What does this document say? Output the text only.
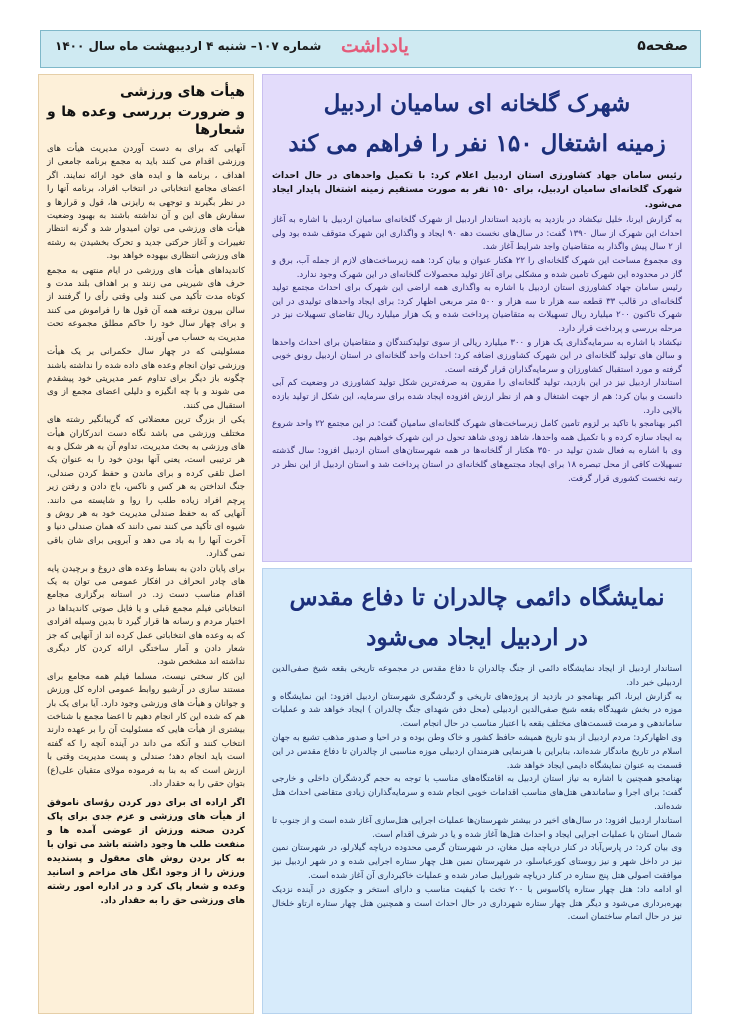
شماره ۱۰۷– شنبه ۴ اردیبهشت ماه سال ۱۴۰۰ یادداشت	صفحه۵
هیأت های ورزشی
و ضرورت بررسی وعده ها و شعارها

آنهایی که برای به دست آوردن مدیریت هیأت های ورزشی اقدام می کنند باید به مجمع برنامه جامعی از اهداف ، برنامه ها و ایده های خود ارائه نمایند. اگر اعضای مجامع انتخاباتی در انتخاب افراد، برنامه آنها را در نظر بگیرند و توجهی به رایزنی ها، قول و قرارها و سفارش های این و آن نداشته باشند به بهبود وضعیت هیأت های ورزشی می توان امیدوار شد و گرنه انتظار تغییرات و آغاز حرکتی جدید و تحرک بخشیدن به رشته های ورزشی انتظاری بیهوده خواهد بود.

کاندیداهای هیأت های ورزشی در ایام منتهی به مجمع حرف های شیرینی می زنند و بر اهداف بلند مدت و کوتاه مدت تأکید می کنند ولی وقتی رأی را گرفتند از سالن بیرون نرفته همه آن قول ها را فراموش می کنند و برای چهار سال خود را حاکم مطلق مجموعه تحت مدیریت به حساب می آورند.

مسئولینی که در چهار سال حکمرانی بر یک هیأت ورزشی توان انجام وعده های داده شده را نداشته باشند چگونه باز دیگر برای تداوم عمر مدیریتی خود پیشقدم می شوند و با چه انگیزه و دلیلی اعضای مجمع از وی استقبال می کنند.

یکی از بزرگ ترین معضلاتی که گریبانگیر رشته های مختلف ورزشی می باشد نگاه دست اندرکاران هیأت های ورزشی به بحث مدیریت، تداوم آن به هر شکل و به هر ترتیبی است، یعنی آنها بودن خود را به عنوان یک اصل تلقی کرده و برای ماندن و حفظ کردن صندلی، جنگ انداختن به هر کس و ناکس، باج دادن و رفتن زیر پرچم افراد زیاده طلب را روا و شایسته می دانند. آنهایی که به حفظ صندلی مدیریت خود به هر روش و شیوه ای تأکید می کنند نمی دانند که همان صندلی دنیا و آخرت آنها را به باد می دهد و آبرویی برای شان باقی نمی گذارد.

برای پایان دادن به بساط وعده های دروغ و برچیدن پایه های چادر انحراف در افکار عمومی می توان به یک اقدام مناسب دست زد. در استانه برگزاری مجامع انتخاباتی فیلم مجمع قبلی و یا فایل صوتی کاندیداها در اختیار مردم و رسانه ها قرار گیرد تا بدین وسیله افرادی که به وعده های انتخاباتی عمل کرده اند از آنهایی که جز شعار دادن و آمار ساختگی ارائه کردن کار دیگری نداشته اند مشخص شود.

این کار سختی نیست، مسلما فیلم همه مجامع برای مستند سازی در آرشیو روابط عمومی اداره کل ورزش و جوانان و هیأت های ورزشی وجود دارد. آیا برای یک بار هم که شده این کار انجام دهیم تا اعضا مجمع با شناخت بیشتری از هیأت هایی که مسئولیت آن را بر عهده دارند انتخاب کنند و آنکه می داند در آینده آنچه را که گفته است باید انجام دهد؛ صندلی و پست مدیریت وقتی با ارزش است که به بنا به فرموده مولای متقیان علی(ع) بتوان حقی را به حقدار داد.

اگر اراده ای برای دور کردن رؤسای ناموفق از هیأت های ورزشی و عزم جدی برای پاک کردن صحنه ورزش از عوضی آمده ها و منفعت طلب ها وجود داشته باشد می توان با به کار بردن روش های معقول و پسندیده ورزش را از وجود انگل های مزاحم و اسانید وعده و شعار پاک کرد و در اداره امور رشته های ورزشی حق را به حقدار داد.

شهرک گلخانه ای سامیان اردبیل
زمینه اشتغال ۱۵۰ نفر را فراهم می کند

رئیس سامان جهاد کشاورزی استان اردبیل اعلام کرد: با تکمیل واحدهای در حال احداث شهرک گلخانه‌ای سامیان اردبیل، برای ۱۵۰ نفر به صورت مستقیم زمینه اشتغال پایدار ایجاد می‌شود.

به گزارش ایرنا، خلیل نیکشاد در بازدید به بازدید استاندار اردبیل از شهرک گلخانه‌ای سامیان اردبیل با اشاره به آغاز احداث این شهرک از سال ۱۳۹۰ گفت: در سال‌های نخست دهه ۹۰ ایجاد و واگذاری این شهرک متوقف شده بود ولی از ۲ سال پیش واگذار به متقاضیان واجد شرایط آغاز شد.

وی مجموع مساحت این شهرک گلخانه‌ای را ۲۲ هکتار عنوان و بیان کرد: همه زیرساخت‌های لازم از جمله آب، برق و گاز در محدوده این شهرک تامین شده و مشکلی برای آغاز تولید محصولات گلخانه‌ای در این شهرک وجود ندارد.

رئیس سامان جهاد کشاورزی استان اردبیل با اشاره به واگذاری همه اراضی این شهرک برای احداث مجتمع تولید گلخانه‌ای در قالب ۳۳ قطعه سه هزار تا سه هزار و ۵۰۰ متر مربعی اظهار کرد: برای ایجاد واحدهای تولیدی در این شهرک تاکنون ۲۰۰ میلیارد ریال تسهیلات به متقاضیان پرداخت شده و یک هزار میلیارد ریال تقاضای تسهیلات نیز در مرحله بررسی و پرداخت قرار دارد.

نیکشاد با اشاره به سرمایه‌گذاری یک هزار و ۳۰۰ میلیارد ریالی از سوی تولیدکنندگان و متقاضیان برای احداث واحدها و سالن های تولید گلخانه‌ای در این شهرک کشاورزی اضافه کرد: احداث واحد گلخانه‌ای در استان اردبیل رونق خوبی گرفته و مورد استقبال کشاورزان و سرمایه‌گذاران قرار گرفته است.

استاندار اردبیل نیز در این بازدید، تولید گلخانه‌ای را مقرون به صرفه‌ترین شکل تولید کشاورزی در وضعیت کم آبی دانست و بیان کرد: هم از جهت اشتغال و هم از نظر ارزش افزوده ایجاد شده برای سرمایه، این شکل از تولید بازده بالایی دارد.

اکبر بهنامجو با تاکید بر لزوم تامین کامل زیرساخت‌های شهرک گلخانه‌ای سامیان گفت: در این مجتمع ۲۲ واحد شروع به ایجاد سازه کرده و با تکمیل همه واحدها، شاهد زودی شاهد تحول در این شهرک خواهیم بود.

وی با اشاره به فعال شدن تولید در ۳۵۰ هکتار از گلخانه‌ها در همه شهرستان‌های استان اردبیل افزود: سال گذشته تسهیلات کافی از محل تبصره ۱۸ برای ایجاد مجتمع‌های گلخانه‌ای در استان پرداخت شد و استان اردبیل از این نظر در رتبه نخست کشوری قرار گرفت.

نمایشگاه دائمی چالدران تا دفاع مقدس
در اردبیل ایجاد می‌شود

استاندار اردبیل از ایجاد نمایشگاه دائمی از جنگ چالدران تا دفاع مقدس در مجموعه تاریخی بقعه شیخ صفی‌الدین اردبیلی خبر داد.

به گزارش ایرنا، اکبر بهنامجو در بازدید از پروژه‌های تاریخی و گردشگری شهرستان اردبیل افزود: این نمایشگاه و موزه در بخش شهیدگاه بقعه شیخ صفی‌الدین اردبیلی (محل دفن شهدای جنگ چالدران ) ایجاد خواهد شد و عملیات ساماندهی و مرمت قسمت‌های مختلف بقعه با اعتبار مناسب در حال انجام است.

وی اظهارکرد: مردم اردبیل از بدو تاریخ همیشه حافظ کشور و خاک وطن بوده و در احیا و صدور مذهب تشیع به جهان اسلام در تاریخ ماندگار شده‌اند، بنابراین با هنرنمایی هنرمندان اردبیلی موزه مناسبی از چالدران تا دفاع مقدس در این قسمت به عنوان نمایشگاه دایمی ایجاد خواهد شد.

بهنامجو همچنین با اشاره به نیاز استان اردبیل به اقامتگاه‌های مناسب با توجه به حجم گردشگران داخلی و خارجی گفت: برای اجرا و ساماندهی هتل‌های مناسب اقدامات خوبی انجام شده و سرمایه‌گذاران زیادی متقاضی احداث هتل شده‌اند.

استاندار اردبیل افزود: در سال‌های اخیر در بیشتر شهرستان‌ها عملیات اجرایی هتل‌سازی آغاز شده است و از جنوب تا شمال استان با عملیات اجرایی ایجاد و احداث هتل‌ها آغاز شده و یا در شرف اقدام است.

وی بیان کرد: در پارس‌آباد در کنار دریاچه میل مغان، در شهرستان گرمی محدوده دریاچه گیلارلو، در شهرستان نمین نیز در داخل شهر و نیز روستای کورعباسلو، در شهرستان نمین هتل چهار ستاره اجرایی شده و در شهر اردبیل نیز موافقت اصولی هتل پنج ستاره در کنار دریاچه شورابیل صادر شده و عملیات خاکبرداری آن آغاز شده است.

او ادامه داد: هتل چهار ستاره پاکاسوس با ۲۰۰ تخت با کیفیت مناسب و دارای استخر و جکوزی در آینده نزدیک بهره‌برداری می‌شود و دیگر هتل چهار ستاره شهرداری در حال احداث است و همچنین هتل چهار ستاره ارتاو خلخال نیز در حال اتمام ساختمان است.
